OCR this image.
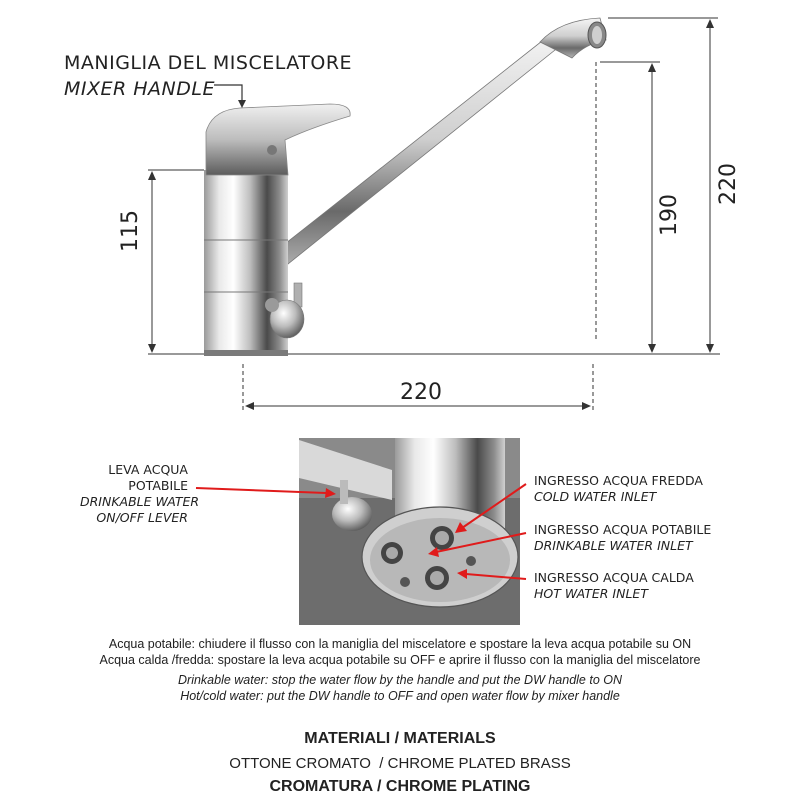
MANIGLIA DEL MISCELATORE
MIXER HANDLE
115	190
220
220
LEVA ACQUA
POTABILE
DRINKABLE WATER
ON/OFF LEVER
INGRESSO ACQUA FREDDA
COLD WATER INLET
INGRESSO ACQUA POTABILE
DRINKABLE WATER INLET
INGRESSO ACQUA CALDA
HOT WATER INLET
Acqua potabile: chiudere il flusso con la maniglia del miscelatore e spostare la leva acqua potabile su ON
Acqua calda /fredda: spostare la leva acqua potabile su OFF e aprire il flusso con la maniglia del miscelatore
Drinkable water: stop the water flow by the handle and put the DW handle to ON
Hot/cold water: put the DW handle to OFF and open water flow by mixer handle
MATERIALI / MATERIALS
OTTONE CROMATO  / CHROME PLATED BRASS
CROMATURA / CHROME PLATING
